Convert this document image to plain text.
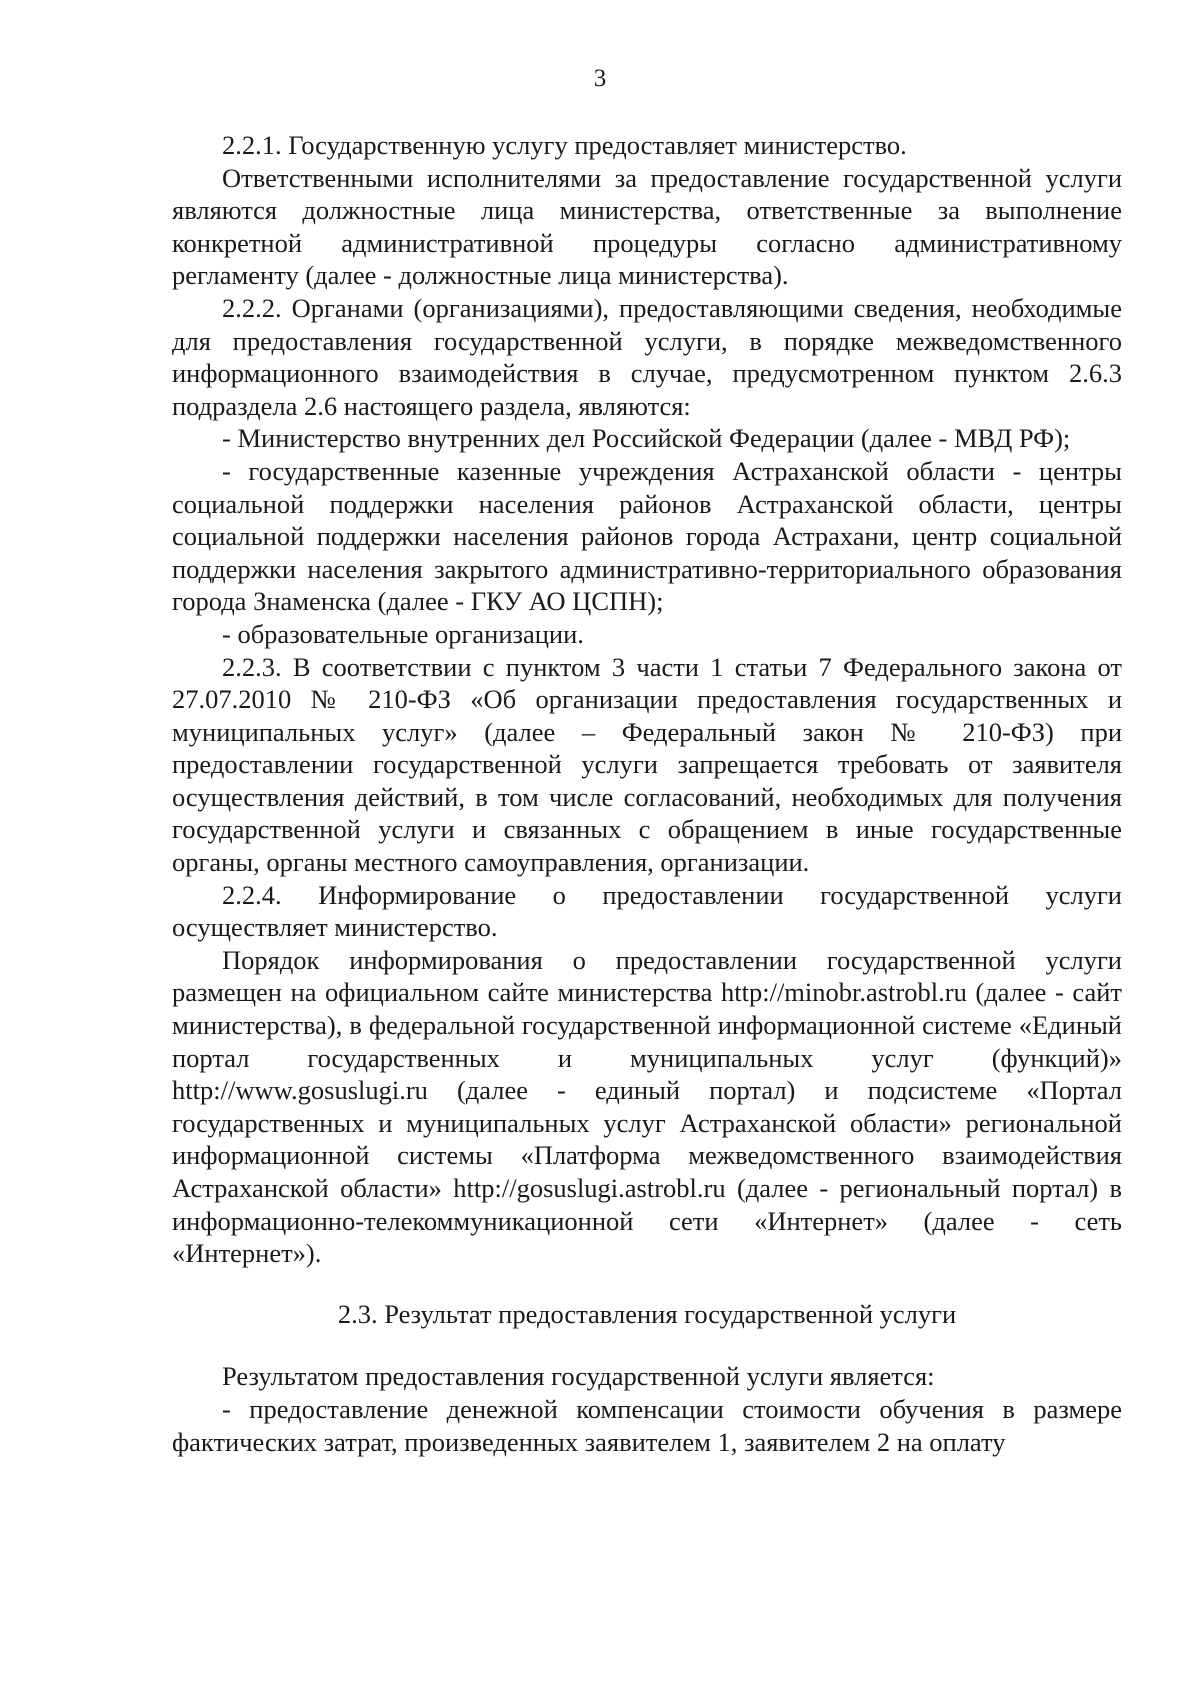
3

2.2.1. Государственную услугу предоставляет министерство.

Ответственными исполнителями за предоставление государственной услуги являются должностные лица министерства, ответственные за выполнение конкретной административной процедуры согласно административному регламенту (далее - должностные лица министерства).

2.2.2. Органами (организациями), предоставляющими сведения, необходимые для предоставления государственной услуги, в порядке межведомственного информационного взаимодействия в случае, предусмотренном пунктом 2.6.3 подраздела 2.6 настоящего раздела, являются:

- Министерство внутренних дел Российской Федерации (далее - МВД РФ);

- государственные казенные учреждения Астраханской области - центры социальной поддержки населения районов Астраханской области, центры социальной поддержки населения районов города Астрахани, центр социальной поддержки населения закрытого административно-территориального образования города Знаменска (далее - ГКУ АО ЦСПН);

- образовательные организации.

2.2.3. В соответствии с пунктом 3 части 1 статьи 7 Федерального закона от 27.07.2010 № 210-ФЗ «Об организации предоставления государственных и муниципальных услуг» (далее – Федеральный закон № 210-ФЗ) при предоставлении государственной услуги запрещается требовать от заявителя осуществления действий, в том числе согласований, необходимых для получения государственной услуги и связанных с обращением в иные государственные органы, органы местного самоуправления, организации.

2.2.4. Информирование о предоставлении государственной услуги осуществляет министерство.

Порядок информирования о предоставлении государственной услуги размещен на официальном сайте министерства http://minobr.astrobl.ru (далее - сайт министерства), в федеральной государственной информационной системе «Единый портал государственных и муниципальных услуг (функций)» http://www.gosuslugi.ru (далее - единый портал) и подсистеме «Портал государственных и муниципальных услуг Астраханской области» региональной информационной системы «Платформа межведомственного взаимодействия Астраханской области» http://gosuslugi.astrobl.ru (далее - региональный портал) в информационно-телекоммуникационной сети «Интернет» (далее - сеть «Интернет»).

2.3. Результат предоставления государственной услуги

Результатом предоставления государственной услуги является:

- предоставление денежной компенсации стоимости обучения в размере фактических затрат, произведенных заявителем 1, заявителем 2 на оплату
